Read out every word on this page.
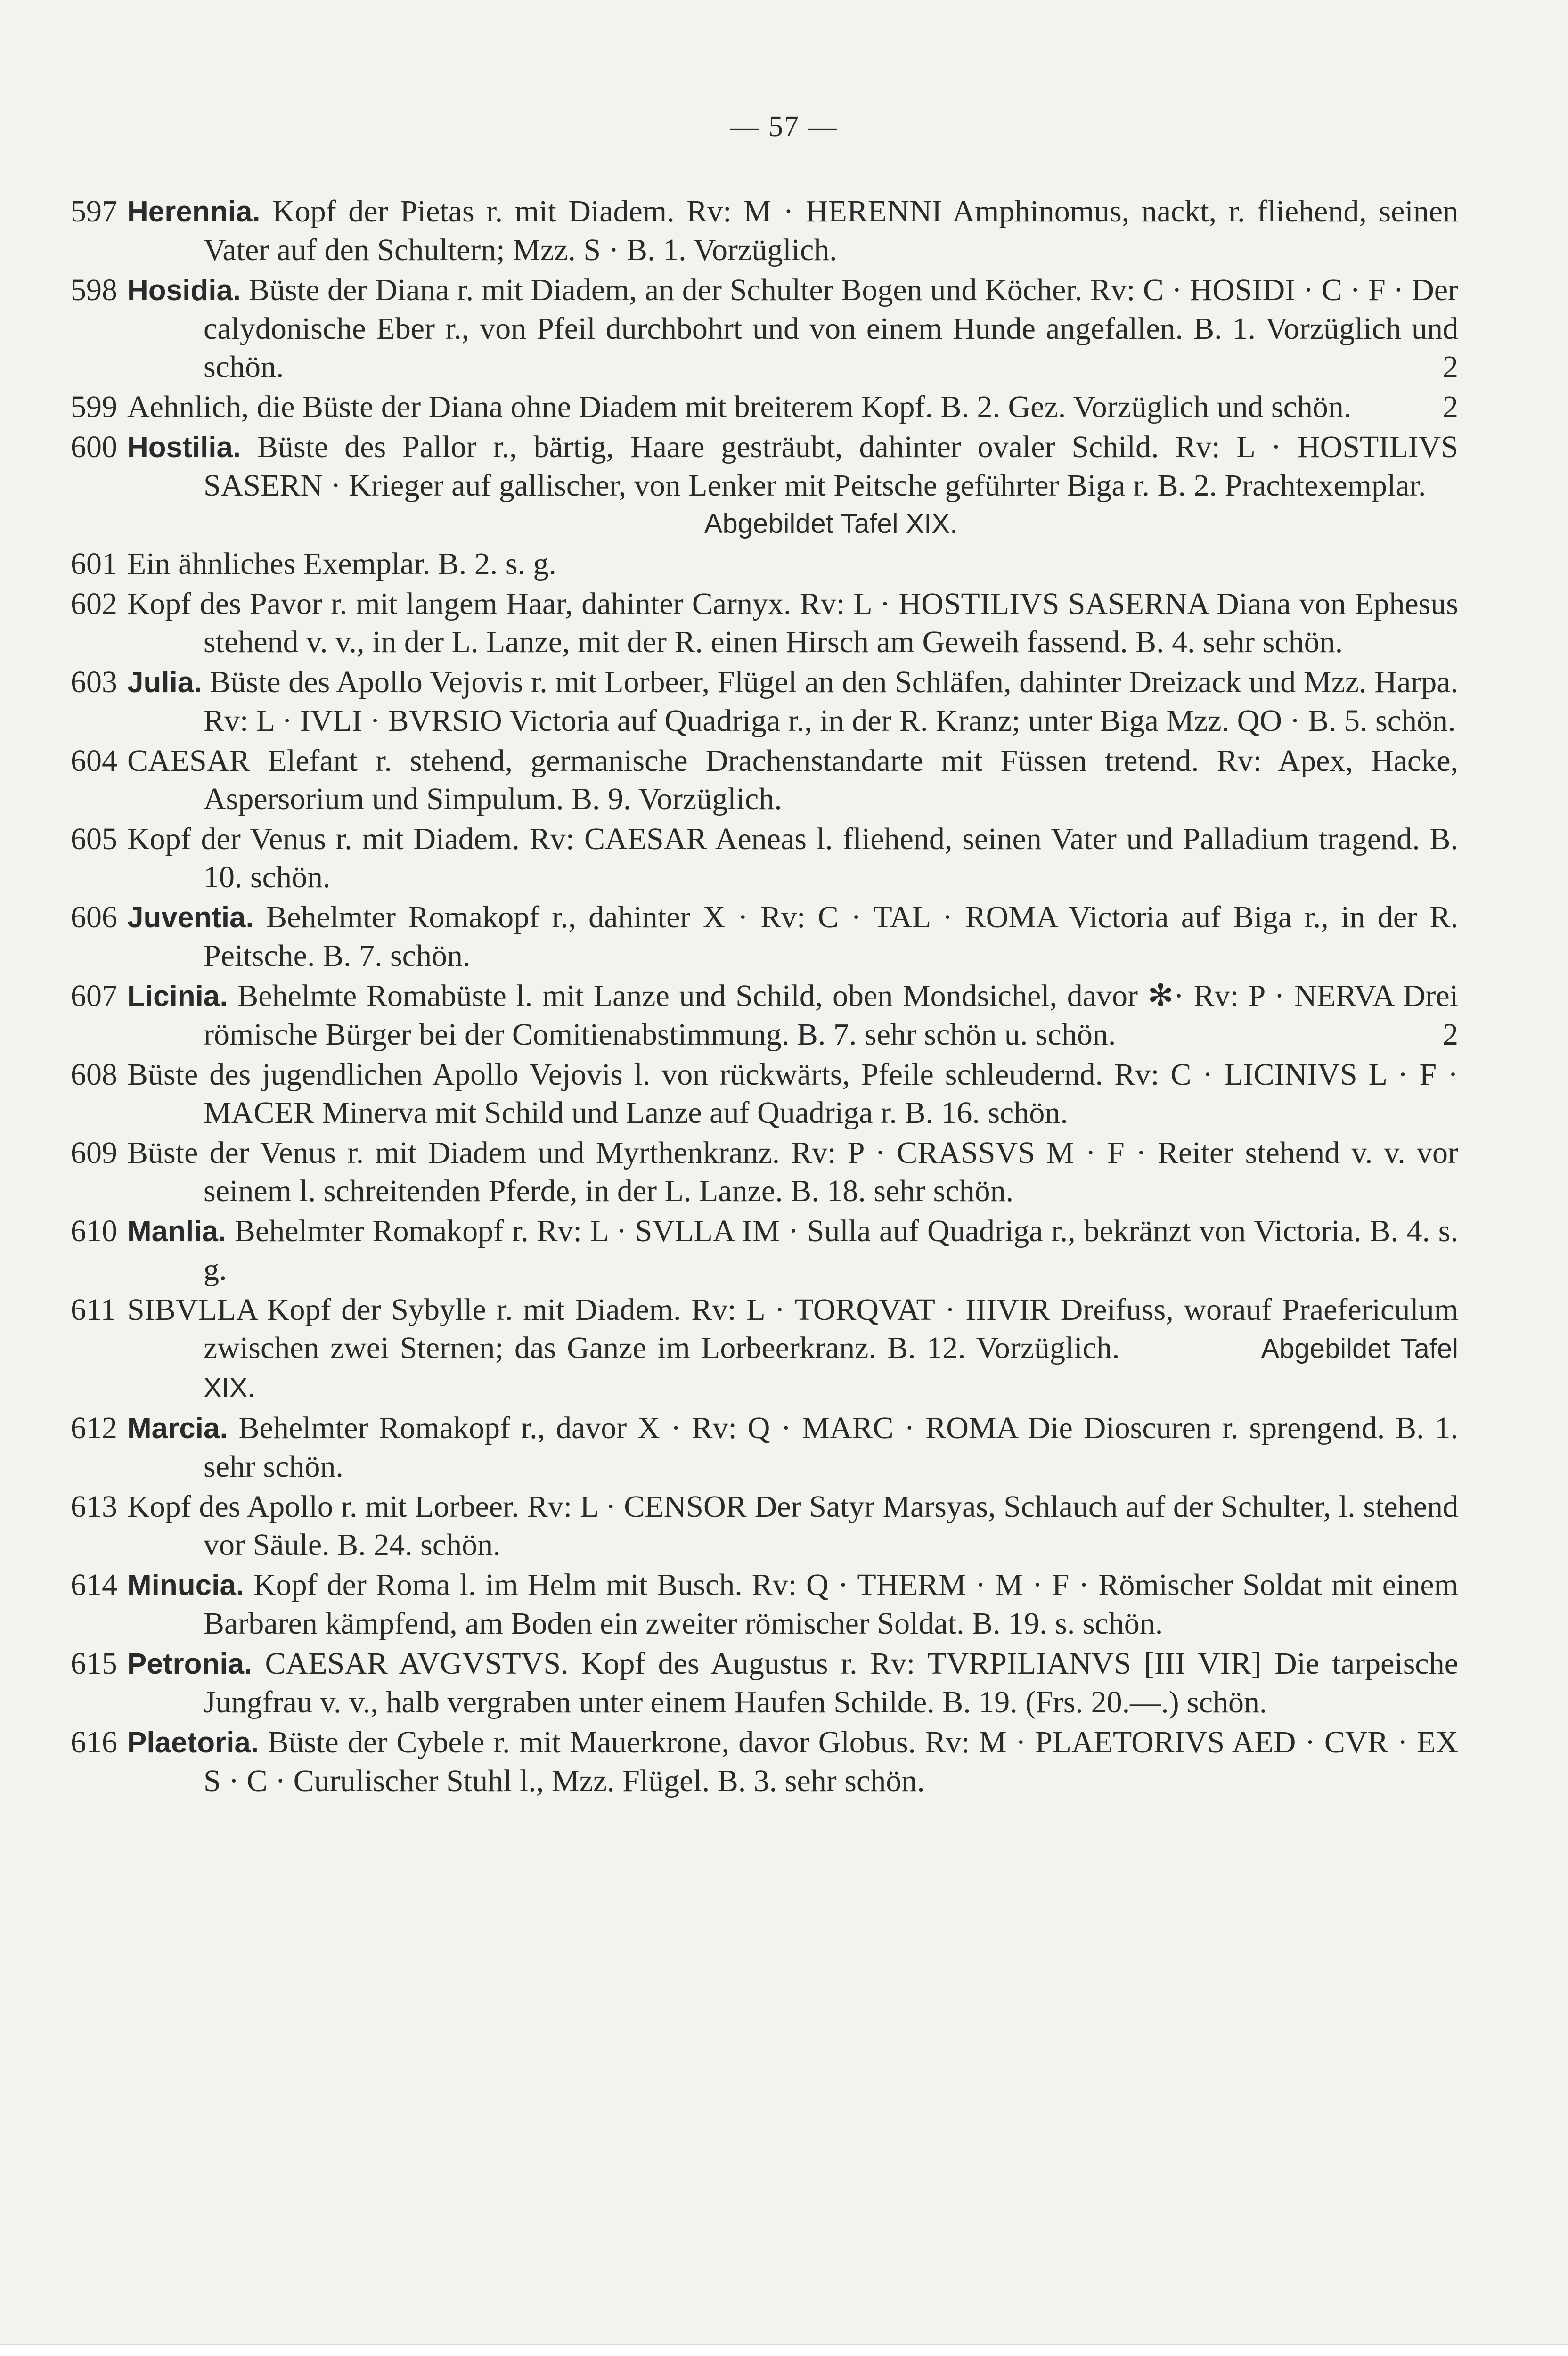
— 57 —
597 Herennia. Kopf der Pietas r. mit Diadem. Rv: M · HERENNI Amphinomus, nackt, r. fliehend, seinen Vater auf den Schultern; Mzz. S · B. 1. Vorzüglich.
598 Hosidia. Büste der Diana r. mit Diadem, an der Schulter Bogen und Köcher. Rv: C · HOSIDI · C · F · Der calydonische Eber r., von Pfeil durchbohrt und von einem Hunde angefallen. B. 1. Vorzüglich und schön.	2
599 Aehnlich, die Büste der Diana ohne Diadem mit breiterem Kopf. B. 2. Gez. Vorzüglich und schön.	2
600 Hostilia. Büste des Pallor r., bärtig, Haare gesträubt, dahinter ovaler Schild. Rv: L · HOSTILIVS SASERN · Krieger auf gallischer, von Lenker mit Peitsche geführter Biga r. B. 2. Prachtexemplar.
Abgebildet Tafel XIX.
601 Ein ähnliches Exemplar. B. 2. s. g.
602 Kopf des Pavor r. mit langem Haar, dahinter Carnyx. Rv: L · HOSTILIVS SASERNA Diana von Ephesus stehend v. v., in der L. Lanze, mit der R. einen Hirsch am Geweih fassend. B. 4. sehr schön.
603 Julia. Büste des Apollo Vejovis r. mit Lorbeer, Flügel an den Schläfen, dahinter Dreizack und Mzz. Harpa. Rv: L · IVLI · BVRSIO Victoria auf Quadriga r., in der R. Kranz; unter Biga Mzz. QO · B. 5. schön.
604 CAESAR Elefant r. stehend, germanische Drachenstandarte mit Füssen tretend. Rv: Apex, Hacke, Aspersorium und Simpulum. B. 9. Vorzüglich.
605 Kopf der Venus r. mit Diadem. Rv: CAESAR Aeneas l. fliehend, seinen Vater und Palladium tragend. B. 10. schön.
606 Juventia. Behelmter Romakopf r., dahinter X · Rv: C · TAL · ROMA Victoria auf Biga r., in der R. Peitsche. B. 7. schön.
607 Licinia. Behelmte Romabüste l. mit Lanze und Schild, oben Mondsichel, davor ✻· Rv: P · NERVA Drei römische Bürger bei der Comitienabstimmung. B. 7. sehr schön u. schön.	2
608 Büste des jugendlichen Apollo Vejovis l. von rückwärts, Pfeile schleudernd. Rv: C · LICINIVS L · F · MACER Minerva mit Schild und Lanze auf Quadriga r. B. 16. schön.
609 Büste der Venus r. mit Diadem und Myrthenkranz. Rv: P · CRASSVS M · F · Reiter stehend v. v. vor seinem l. schreitenden Pferde, in der L. Lanze. B. 18. sehr schön.
610 Manlia. Behelmter Romakopf r. Rv: L · SVLLA IM · Sulla auf Quadriga r., bekränzt von Victoria. B. 4. s. g.
611 SIBVLLA Kopf der Sybylle r. mit Diadem. Rv: L · TORQVAT · IIIVIR Dreifuss, worauf Praefericulum zwischen zwei Sternen; das Ganze im Lorbeerkranz. B. 12. Vorzüglich.	Abgebildet Tafel XIX.
612 Marcia. Behelmter Romakopf r., davor X · Rv: Q · MARC · ROMA Die Dioscuren r. sprengend. B. 1. sehr schön.
613 Kopf des Apollo r. mit Lorbeer. Rv: L · CENSOR Der Satyr Marsyas, Schlauch auf der Schulter, l. stehend vor Säule. B. 24. schön.
614 Minucia. Kopf der Roma l. im Helm mit Busch. Rv: Q · THERM · M · F · Römischer Soldat mit einem Barbaren kämpfend, am Boden ein zweiter römischer Soldat. B. 19. s. schön.
615 Petronia. CAESAR AVGVSTVS. Kopf des Augustus r. Rv: TVRPILIANVS [III VIR] Die tarpeische Jungfrau v. v., halb vergraben unter einem Haufen Schilde. B. 19. (Frs. 20.—.) schön.
616 Plaetoria. Büste der Cybele r. mit Mauerkrone, davor Globus. Rv: M · PLAETORIVS AED · CVR · EX S · C · Curulischer Stuhl l., Mzz. Flügel. B. 3. sehr schön.
